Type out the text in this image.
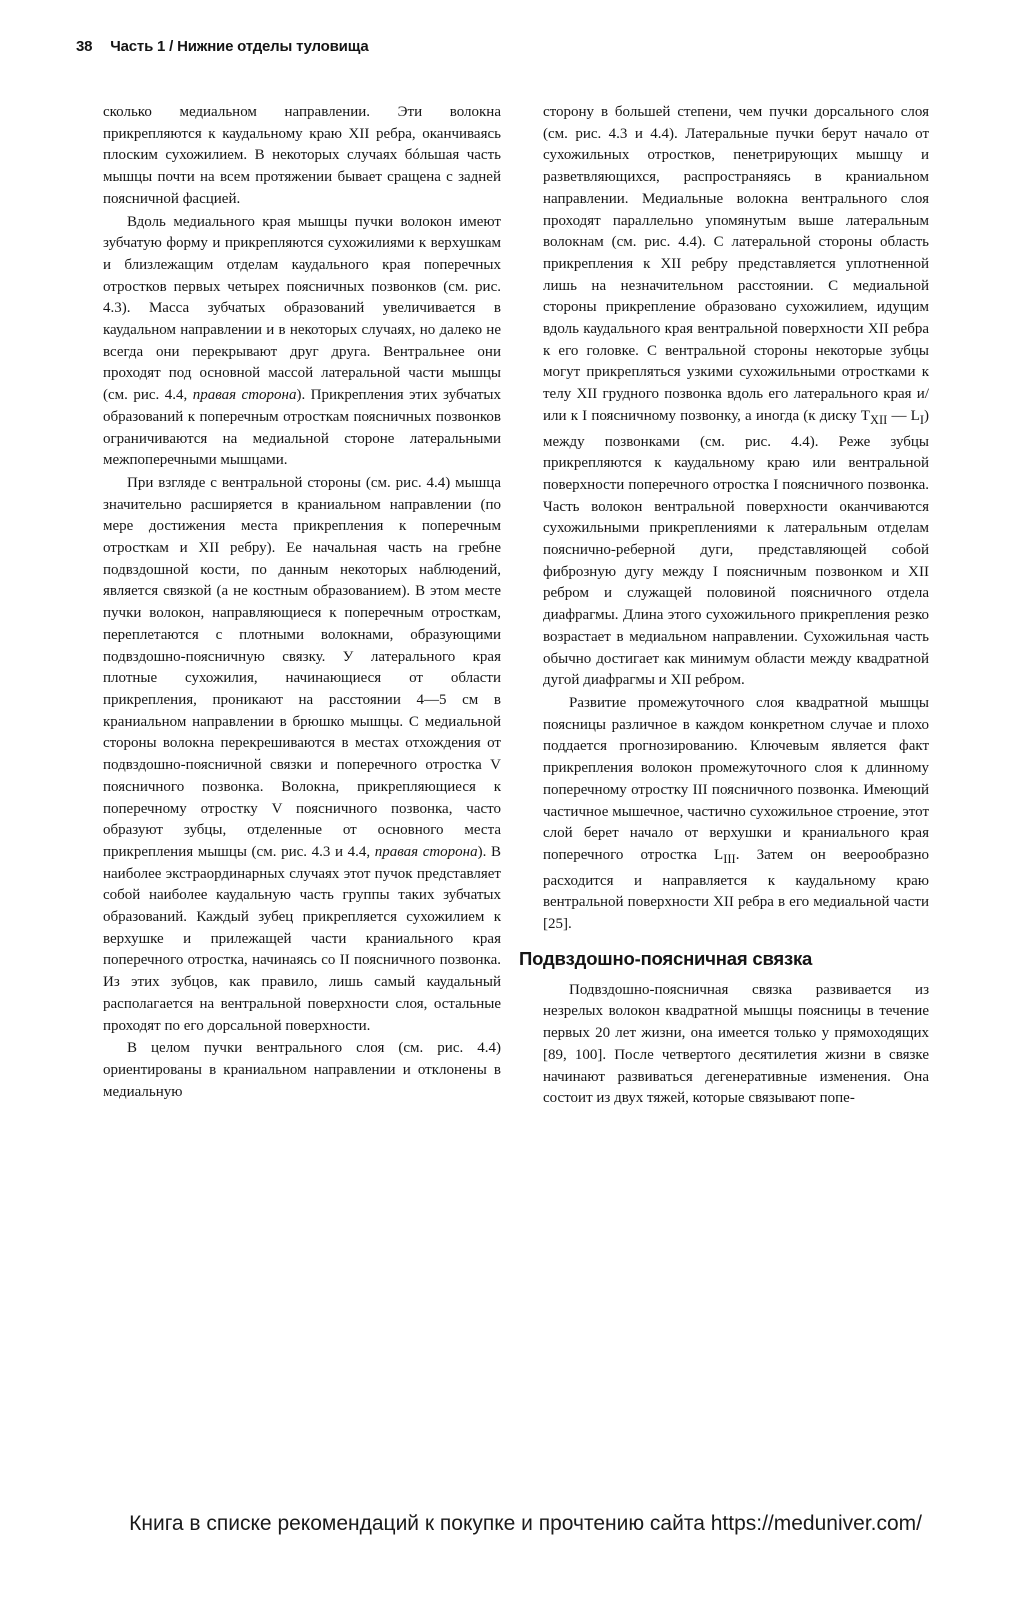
38 Часть 1 / Нижние отделы туловища

сколько медиальном направлении. Эти волокна прикрепляются к каудальному краю XII ребра, оканчиваясь плоским сухожилием. В некоторых случаях бóльшая часть мышцы почти на всем протяжении бывает сращена с задней поясничной фасцией.

Вдоль медиального края мышцы пучки волокон имеют зубчатую форму и прикрепляются сухожилиями к верхушкам и близлежащим отделам каудального края поперечных отростков первых четырех поясничных позвонков (см. рис. 4.3). Масса зубчатых образований увеличивается в каудальном направлении и в некоторых случаях, но далеко не всегда они перекрывают друг друга. Вентральнее они проходят под основной массой латеральной части мышцы (см. рис. 4.4, правая сторона). Прикрепления этих зубчатых образований к поперечным отросткам поясничных позвонков ограничиваются на медиальной стороне латеральными межпоперечными мышцами.

При взгляде с вентральной стороны (см. рис. 4.4) мышца значительно расширяется в краниальном направлении (по мере достижения места прикрепления к поперечным отросткам и XII ребру). Ее начальная часть на гребне подвздошной кости, по данным некоторых наблюдений, является связкой (а не костным образованием). В этом месте пучки волокон, направляющиеся к поперечным отросткам, переплетаются с плотными волокнами, образующими подвздошно-поясничную связку. У латерального края плотные сухожилия, начинающиеся от области прикрепления, проникают на расстоянии 4—5 см в краниальном направлении в брюшко мышцы. С медиальной стороны волокна перекрешиваются в местах отхождения от подвздошно-поясничной связки и поперечного отростка V поясничного позвонка. Волокна, прикрепляющиеся к поперечному отростку V поясничного позвонка, часто образуют зубцы, отделенные от основного места прикрепления мышцы (см. рис. 4.3 и 4.4, правая сторона). В наиболее экстраординарных случаях этот пучок представляет собой наиболее каудальную часть группы таких зубчатых образований. Каждый зубец прикрепляется сухожилием к верхушке и прилежащей части краниального края поперечного отростка, начинаясь со II поясничного позвонка. Из этих зубцов, как правило, лишь самый каудальный располагается на вентральной поверхности слоя, остальные проходят по его дорсальной поверхности.

В целом пучки вентрального слоя (см. рис. 4.4) ориентированы в краниальном направлении и отклонены в медиальную

сторону в большей степени, чем пучки дорсального слоя (см. рис. 4.3 и 4.4). Латеральные пучки берут начало от сухожильных отростков, пенетрирующих мышцу и разветвляющихся, распространяясь в краниальном направлении. Медиальные волокна вентрального слоя проходят параллельно упомянутым выше латеральным волокнам (см. рис. 4.4). С латеральной стороны область прикрепления к XII ребру представляется уплотненной лишь на незначительном расстоянии. С медиальной стороны прикрепление образовано сухожилием, идущим вдоль каудального края вентральной поверхности XII ребра к его головке. С вентральной стороны некоторые зубцы могут прикрепляться узкими сухожильными отростками к телу XII грудного позвонка вдоль его латерального края и/или к I поясничному позвонку, а иногда (к диску $T_{XII}$ — $L_I$) между позвонками (см. рис. 4.4). Реже зубцы прикрепляются к каудальному краю или вентральной поверхности поперечного отростка I поясничного позвонка. Часть волокон вентральной поверхности оканчиваются сухожильными прикреплениями к латеральным отделам пояснично-реберной дуги, представляющей собой фиброзную дугу между I поясничным позвонком и XII ребром и служащей половиной поясничного отдела диафрагмы. Длина этого сухожильного прикрепления резко возрастает в медиальном направлении. Сухожильная часть обычно достигает как минимум области между квадратной дугой диафрагмы и XII ребром.

Развитие промежуточного слоя квадратной мышцы поясницы различное в каждом конкретном случае и плохо поддается прогнозированию. Ключевым является факт прикрепления волокон промежуточного слоя к длинному поперечному отростку III поясничного позвонка. Имеющий частичное мышечное, частично сухожильное строение, этот слой берет начало от верхушки и краниального края поперечного отростка $L_{III}$. Затем он веерообразно расходится и направляется к каудальному краю вентральной поверхности XII ребра в его медиальной части [25].

Подвздошно-поясничная связка

Подвздошно-поясничная связка развивается из незрелых волокон квадратной мышцы поясницы в течение первых 20 лет жизни, она имеется только у прямоходящих [89, 100]. После четвертого десятилетия жизни в связке начинают развиваться дегенеративные изменения. Она состоит из двух тяжей, которые связывают попе-

Книга в списке рекомендаций к покупке и прочтению сайта https://meduniver.com/
